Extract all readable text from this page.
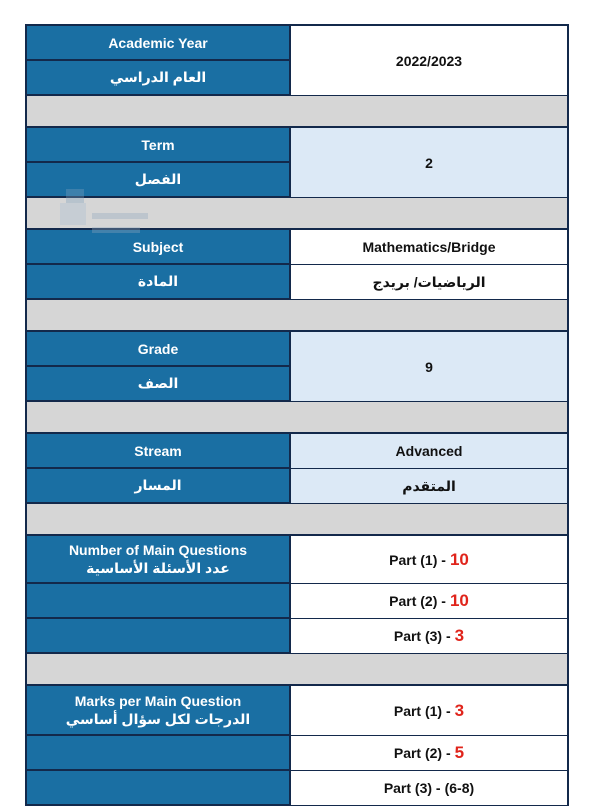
Academic Year
العام الدراسي
2022/2023
Term
الفصل
2
Subject
المادة
Mathematics/Bridge
الرياضيات/ بريدج
Grade
الصف
9
Stream
المسار
Advanced
المتقدم
Number of Main Questions
عدد الأسئلة الأساسية
Part (1) - 10
Part (2) - 10
Part (3) - 3
Marks per Main Question
الدرجات لكل سؤال أساسي
Part (1) - 3
Part (2) - 5
Part (3) - (6-8)
